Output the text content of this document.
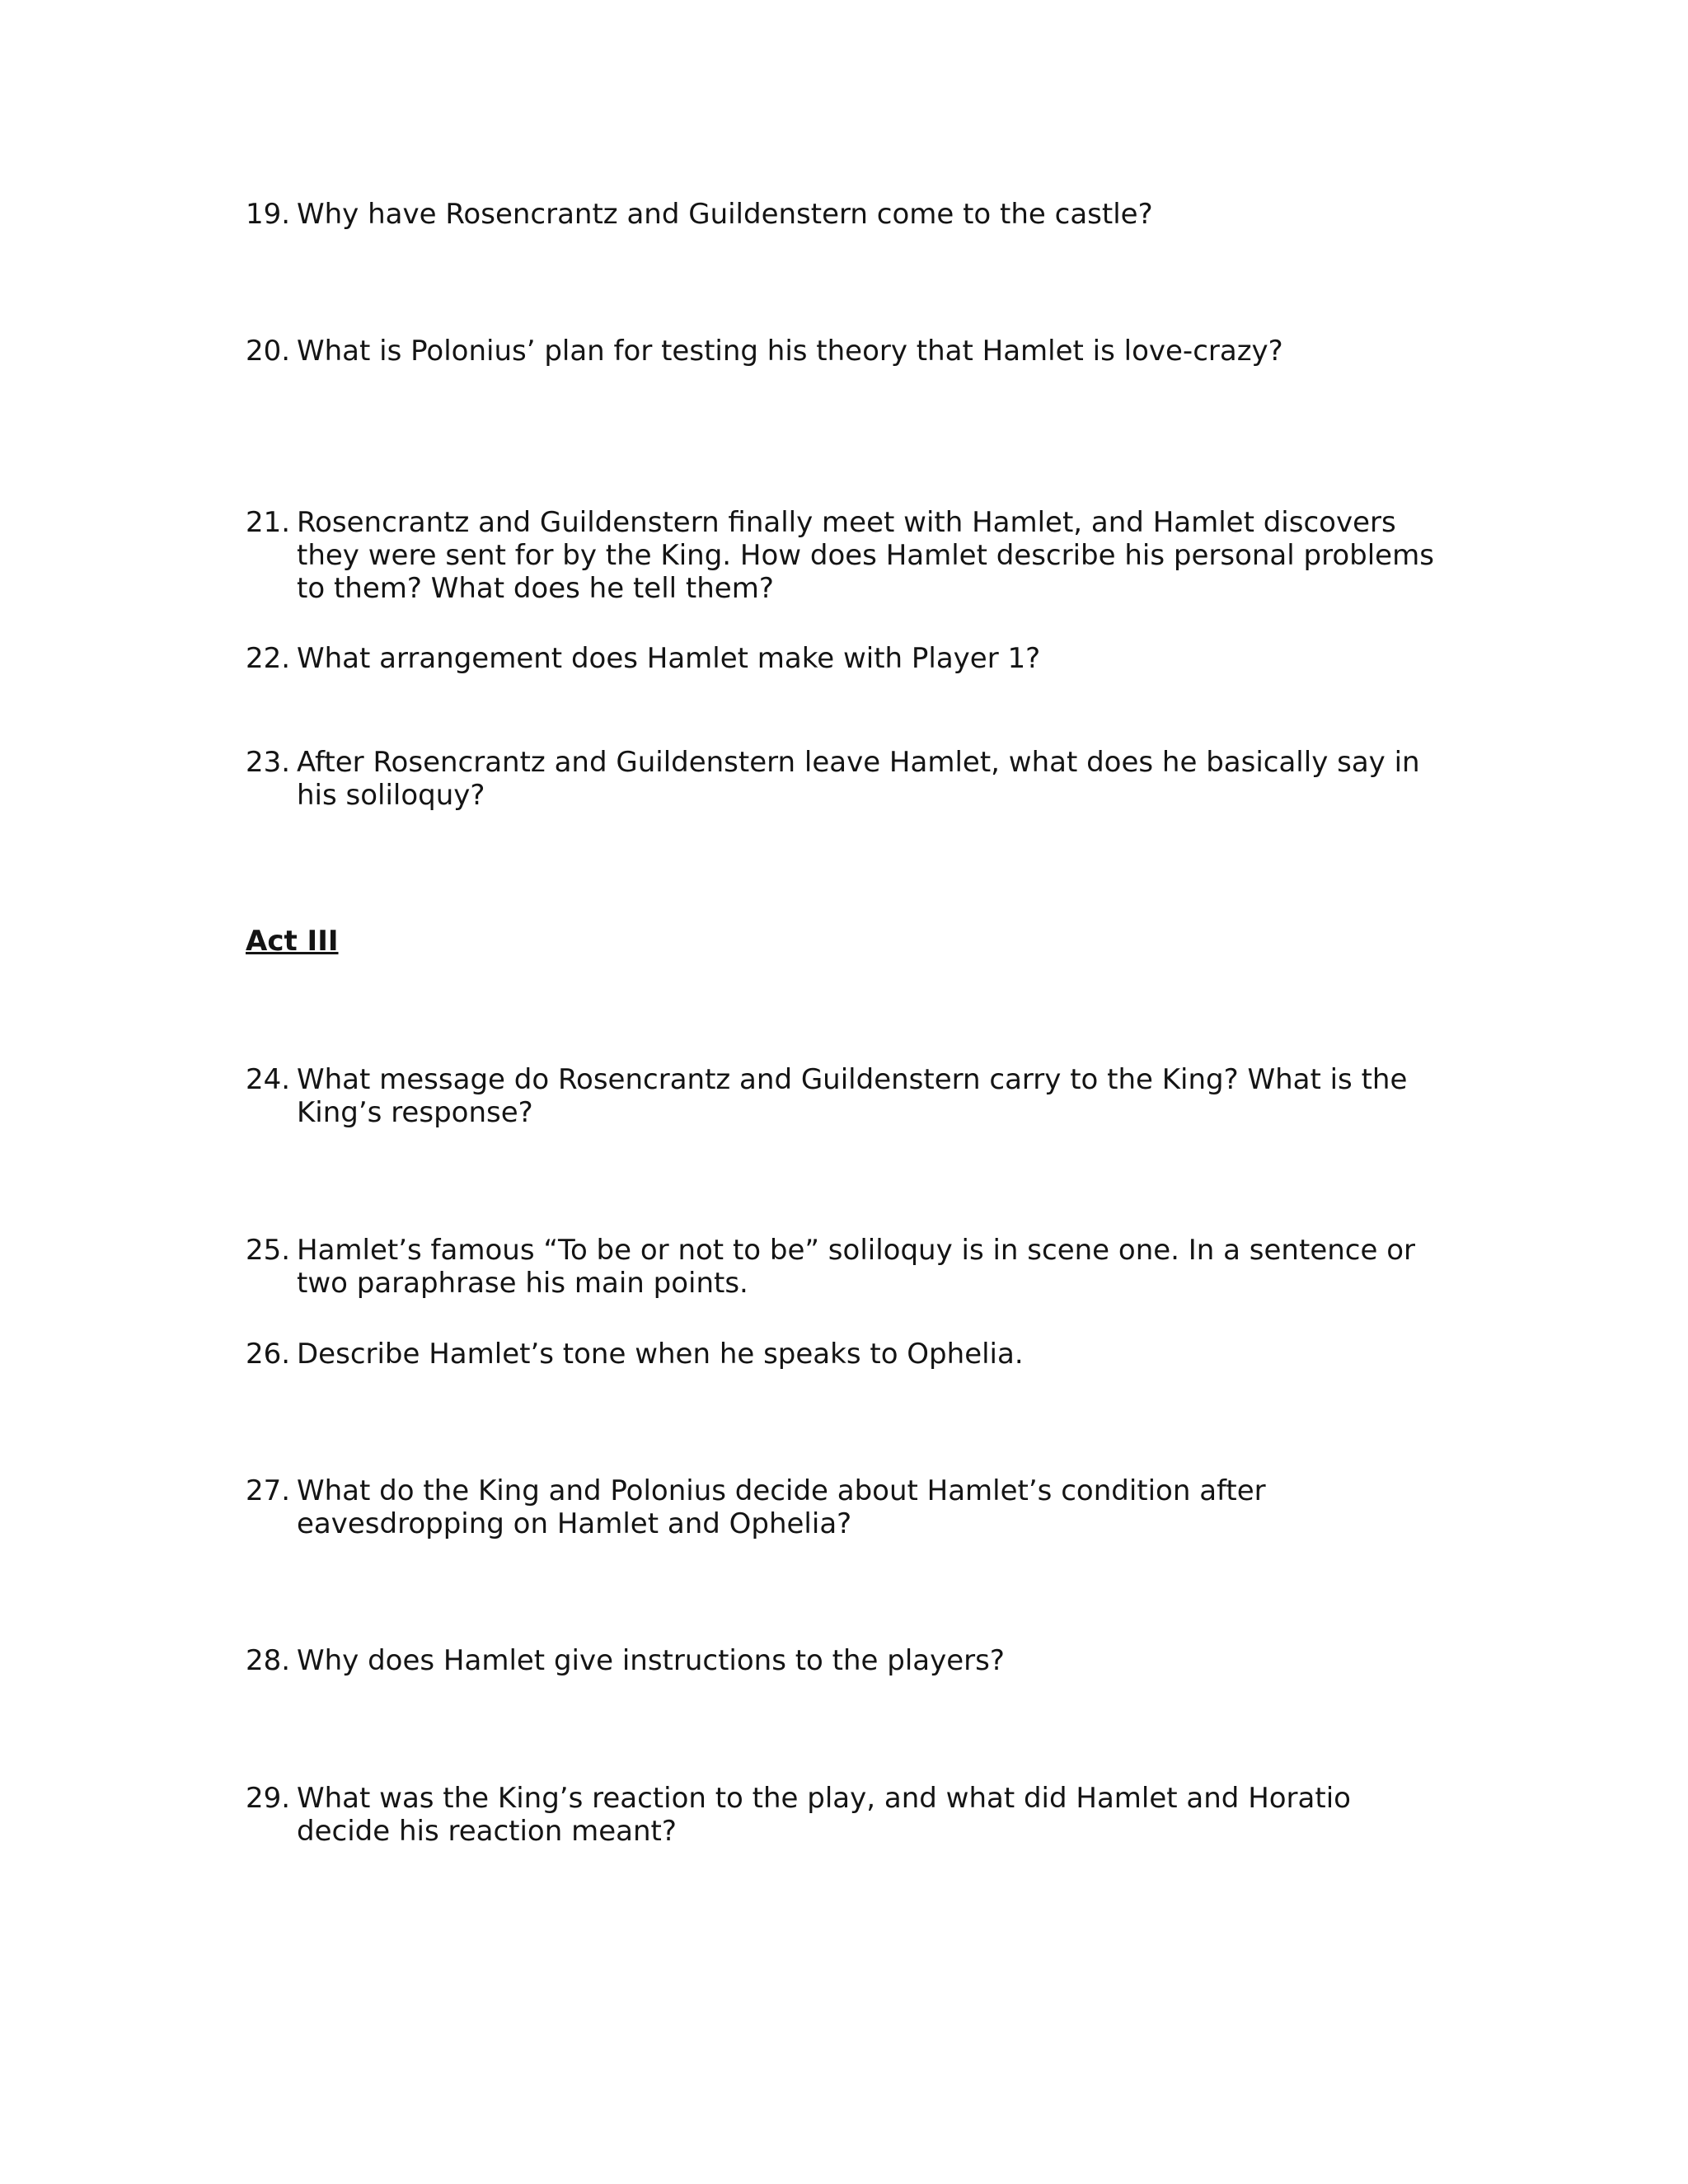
19. Why have Rosencrantz and Guildenstern come to the castle?

20. What is Polonius’ plan for testing his theory that Hamlet is love-crazy?

21. Rosencrantz and Guildenstern finally meet with Hamlet, and Hamlet discovers
they were sent for by the King. How does Hamlet describe his personal problems
to them? What does he tell them?

22. What arrangement does Hamlet make with Player 1?

23. After Rosencrantz and Guildenstern leave Hamlet, what does he basically say in
his soliloquy?

Act III

24. What message do Rosencrantz and Guildenstern carry to the King? What is the
King’s response?

25. Hamlet’s famous “To be or not to be” soliloquy is in scene one. In a sentence or
two paraphrase his main points.

26. Describe Hamlet’s tone when he speaks to Ophelia.

27. What do the King and Polonius decide about Hamlet’s condition after
eavesdropping on Hamlet and Ophelia?

28. Why does Hamlet give instructions to the players?

29. What was the King’s reaction to the play, and what did Hamlet and Horatio
decide his reaction meant?
